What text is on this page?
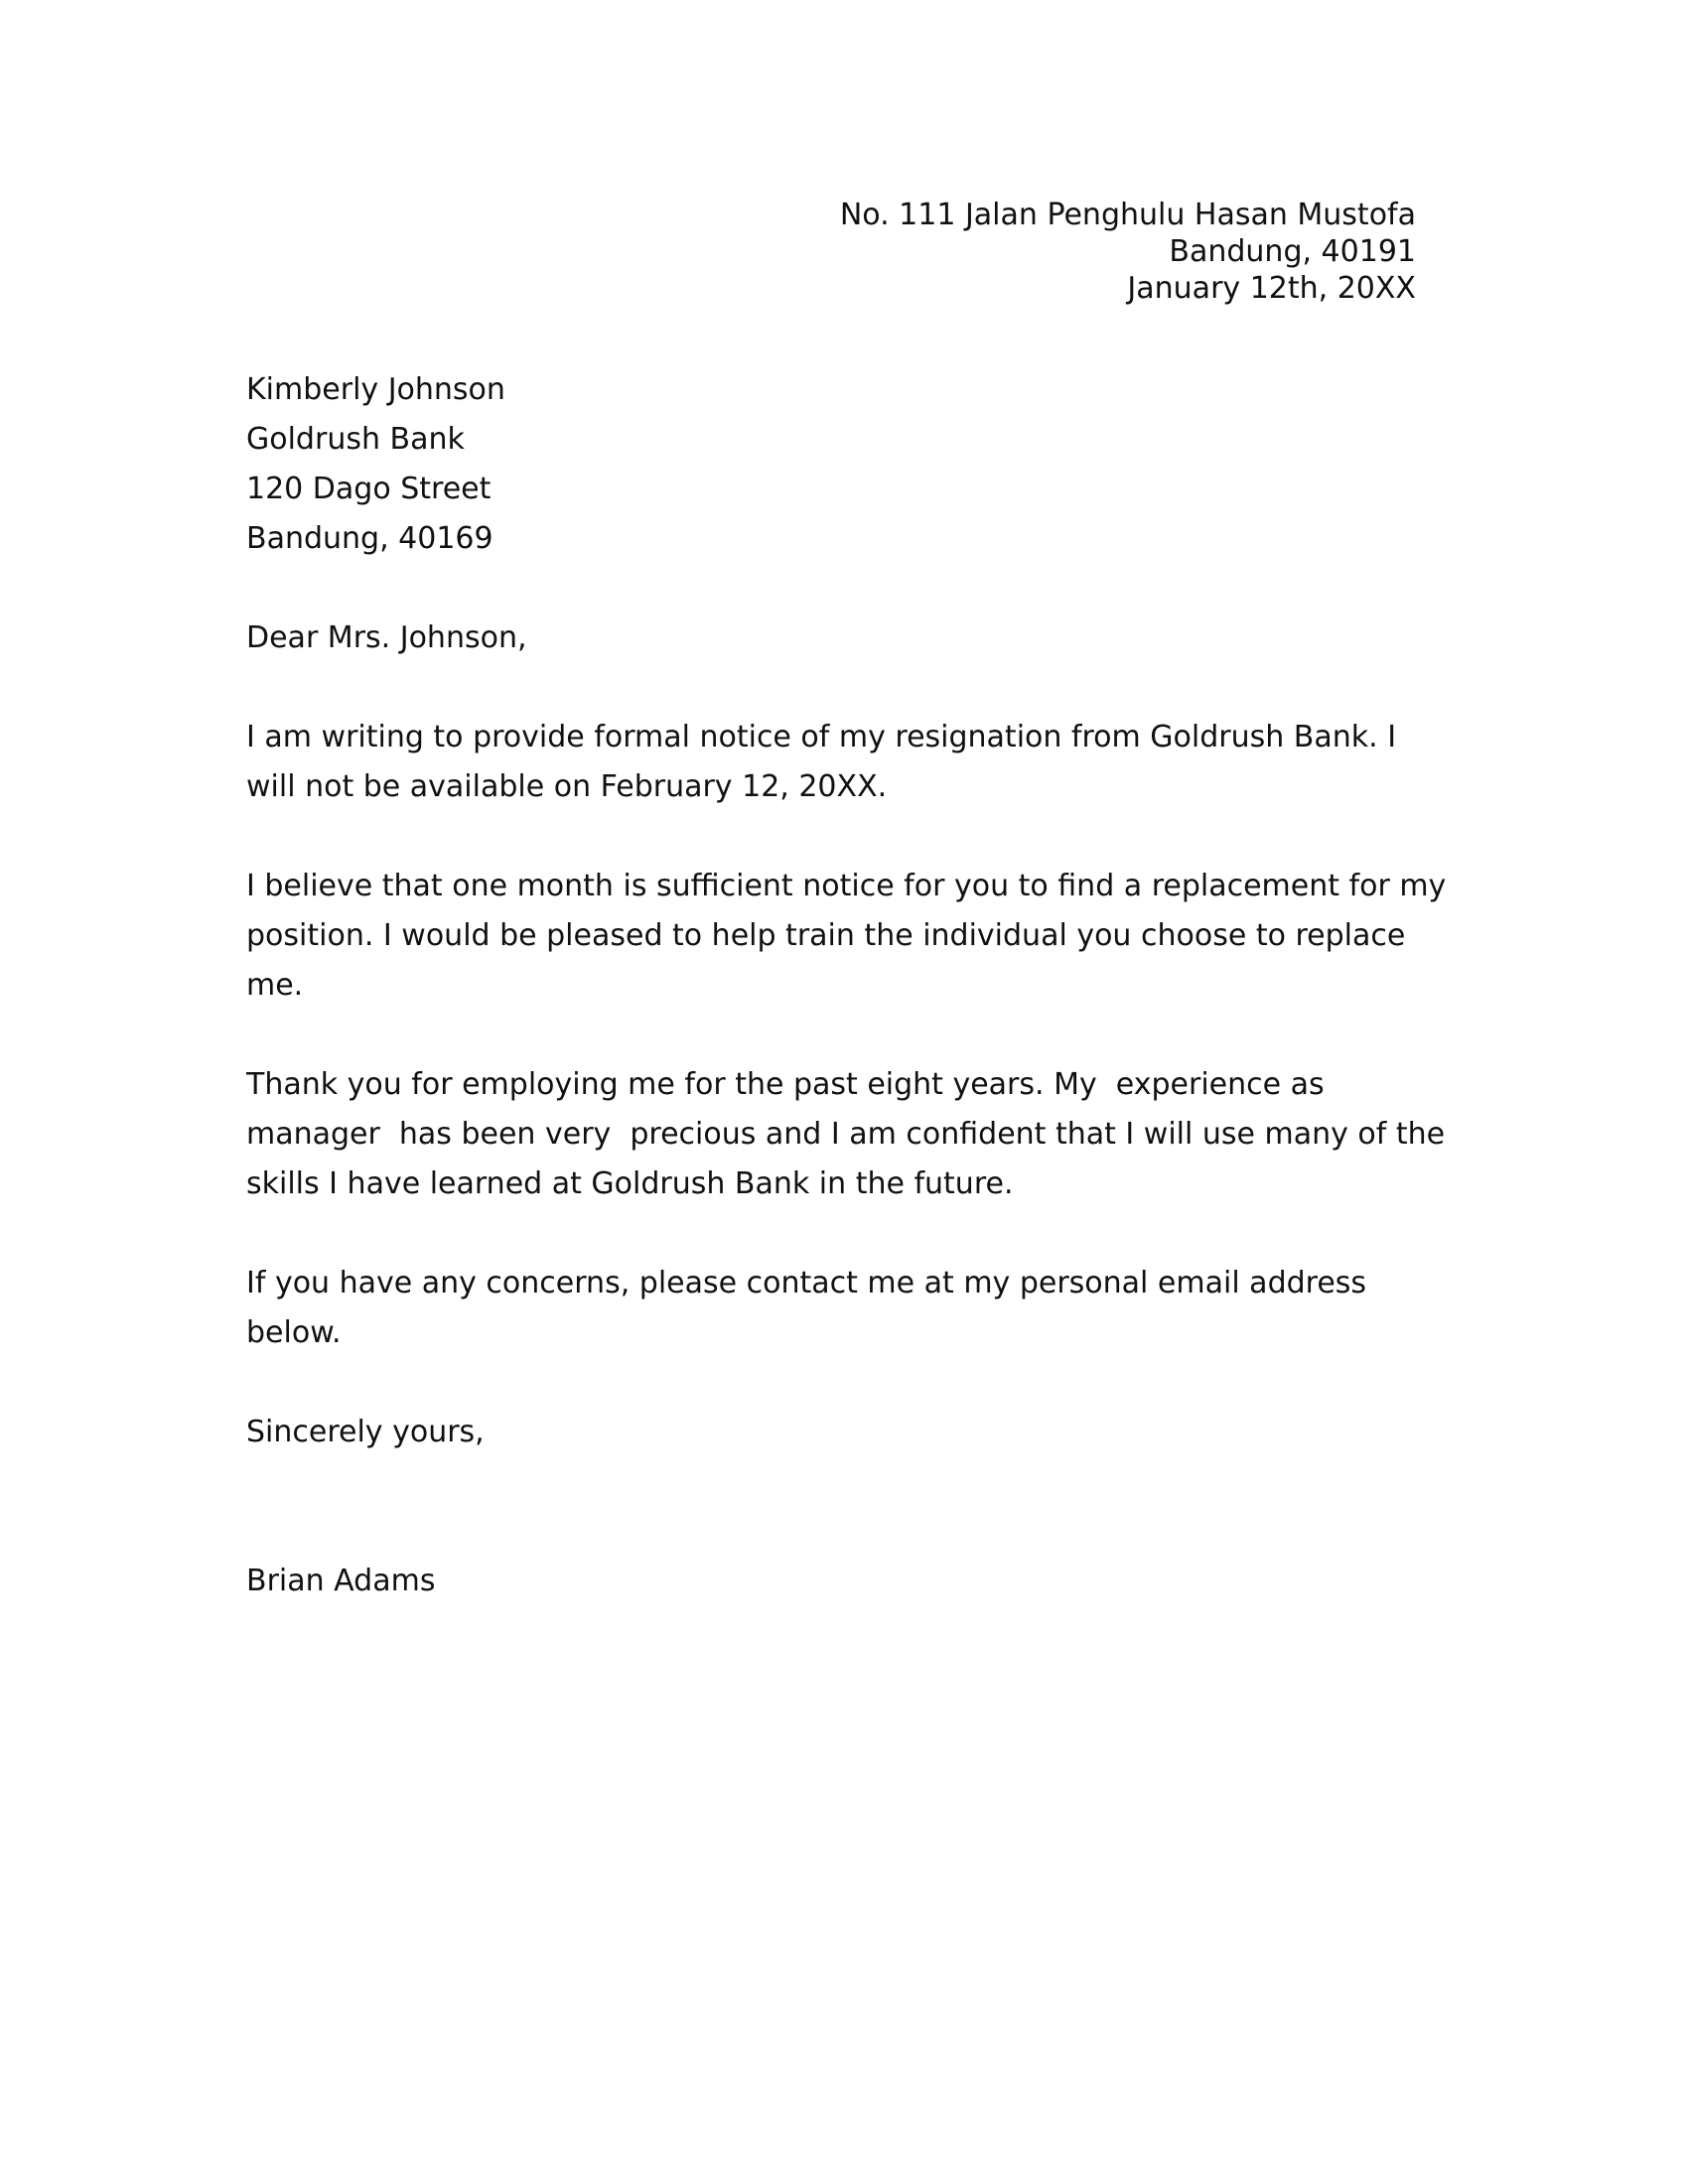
No. 111 Jalan Penghulu Hasan Mustofa
Bandung, 40191
January 12th, 20XX
Kimberly Johnson
Goldrush Bank
120 Dago Street
Bandung, 40169
Dear Mrs. Johnson,

I am writing to provide formal notice of my resignation from Goldrush Bank. I will not be available on February 12, 20XX.

I believe that one month is sufficient notice for you to find a replacement for my position. I would be pleased to help train the individual you choose to replace me.

Thank you for employing me for the past eight years. My  experience as manager  has been very  precious and I am confident that I will use many of the skills I have learned at Goldrush Bank in the future.

If you have any concerns, please contact me at my personal email address below.

Sincerely yours,
Brian Adams
